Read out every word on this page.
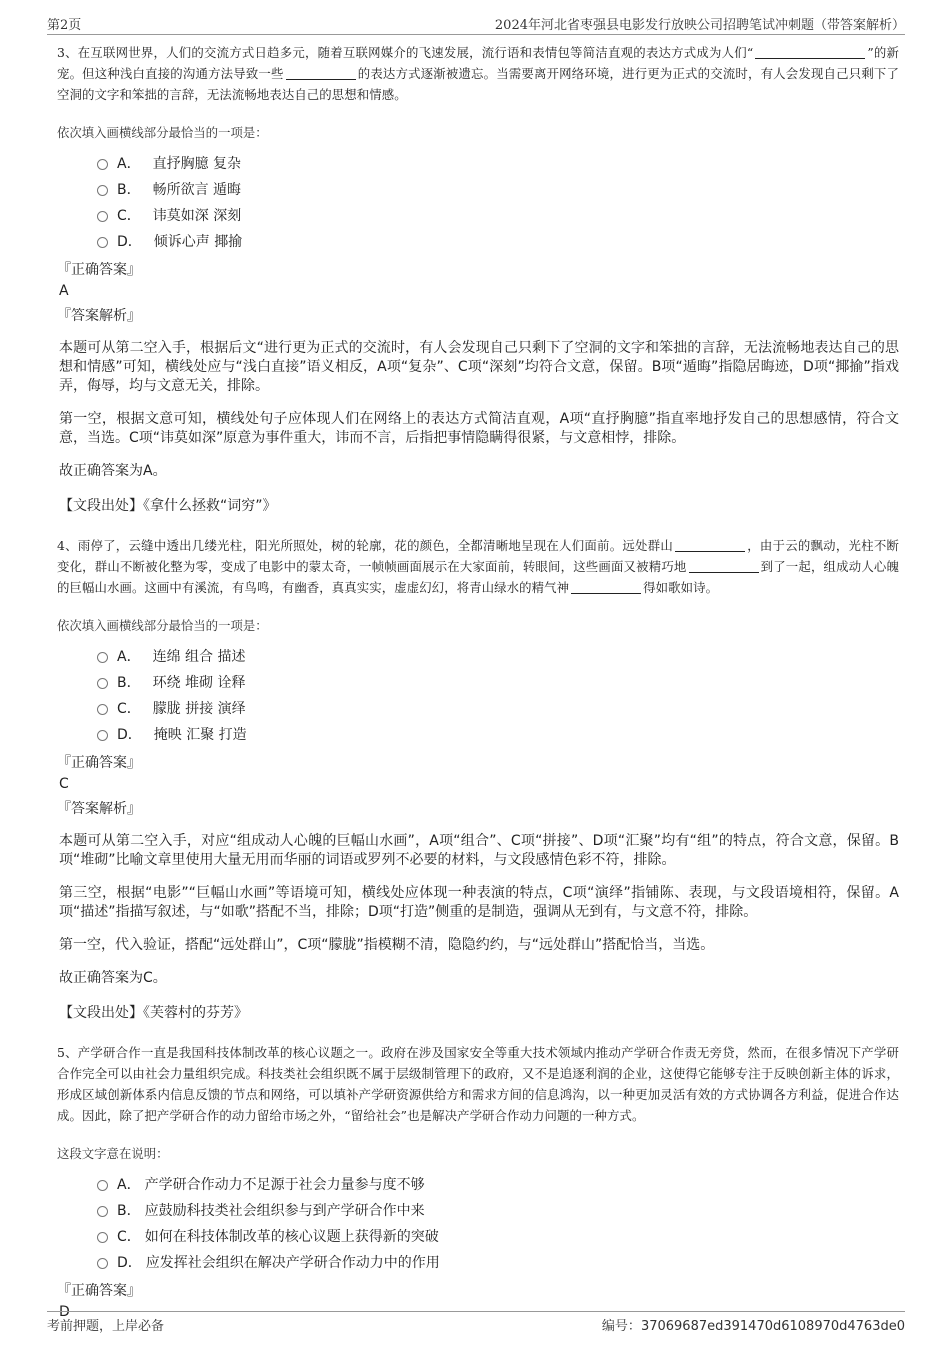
第2页	2024年河北省枣强县电影发行放映公司招聘笔试冲刺题（带答案解析）

3、在互联网世界，人们的交流方式日趋多元，随着互联网媒介的飞速发展，流行语和表情包等简洁直观的表达方式成为人们“	”的新宠。但这种浅白直接的沟通方法导致一些	的表达方式逐渐被遗忘。当需要离开网络环境，进行更为正式的交流时，有人会发现自己只剩下了空洞的文字和笨拙的言辞，无法流畅地表达自己的思想和情感。

依次填入画横线部分最恰当的一项是：
A． 直抒胸臆 复杂
B． 畅所欲言 遁晦
C． 讳莫如深 深刻
D． 倾诉心声 揶揄
『正确答案』
A
『答案解析』

本题可从第二空入手，根据后文“进行更为正式的交流时，有人会发现自己只剩下了空洞的文字和笨拙的言辞，无法流畅地表达自己的思想和情感”可知，横线处应与“浅白直接”语义相反，A项“复杂”、C项“深刻”均符合文意，保留。B项“遁晦”指隐居晦迹，D项“揶揄”指戏弄，侮辱，均与文意无关，排除。

第一空，根据文意可知，横线处句子应体现人们在网络上的表达方式简洁直观，A项“直抒胸臆”指直率地抒发自己的思想感情，符合文意，当选。C项“讳莫如深”原意为事件重大，讳而不言，后指把事情隐瞒得很紧，与文意相悖，排除。

故正确答案为A。

【文段出处】《拿什么拯救“词穷”》

4、雨停了，云缝中透出几缕光柱，阳光所照处，树的轮廓，花的颜色，全都清晰地呈现在人们面前。远处群山	，由于云的飘动，光柱不断变化，群山不断被化整为零，变成了电影中的蒙太奇，一帧帧画面展示在大家面前，转眼间，这些画面又被精巧地	到了一起，组成动人心魄的巨幅山水画。这画中有溪流，有鸟鸣，有幽香，真真实实，虚虚幻幻，将青山绿水的精气神	得如歌如诗。

依次填入画横线部分最恰当的一项是：
A． 连绵 组合 描述
B． 环绕 堆砌 诠释
C． 朦胧 拼接 演绎
D． 掩映 汇聚 打造
『正确答案』
C
『答案解析』

本题可从第二空入手，对应“组成动人心魄的巨幅山水画”，A项“组合”、C项“拼接”、D项“汇聚”均有“组”的特点，符合文意，保留。B项“堆砌”比喻文章里使用大量无用而华丽的词语或罗列不必要的材料，与文段感情色彩不符，排除。

第三空，根据“电影”“巨幅山水画”等语境可知，横线处应体现一种表演的特点，C项“演绎”指铺陈、表现，与文段语境相符，保留。A项“描述”指描写叙述，与“如歌”搭配不当，排除；D项“打造”侧重的是制造，强调从无到有，与文意不符，排除。

第一空，代入验证，搭配“远处群山”，C项“朦胧”指模糊不清，隐隐约约，与“远处群山”搭配恰当，当选。

故正确答案为C。

【文段出处】《芙蓉村的芬芳》

5、产学研合作一直是我国科技体制改革的核心议题之一。政府在涉及国家安全等重大技术领域内推动产学研合作责无旁贷，然而，在很多情况下产学研合作完全可以由社会力量组织完成。科技类社会组织既不属于层级制管理下的政府，又不是追逐利润的企业，这使得它能够专注于反映创新主体的诉求，形成区域创新体系内信息反馈的节点和网络，可以填补产学研资源供给方和需求方间的信息鸿沟，以一种更加灵活有效的方式协调各方利益，促进合作达成。因此，除了把产学研合作的动力留给市场之外，“留给社会”也是解决产学研合作动力问题的一种方式。

这段文字意在说明：
A． 产学研合作动力不足源于社会力量参与度不够
B． 应鼓励科技类社会组织参与到产学研合作中来
C． 如何在科技体制改革的核心议题上获得新的突破
D． 应发挥社会组织在解决产学研合作动力中的作用
『正确答案』
D
考前押题，上岸必备	编号：37069687ed391470d6108970d4763de0
